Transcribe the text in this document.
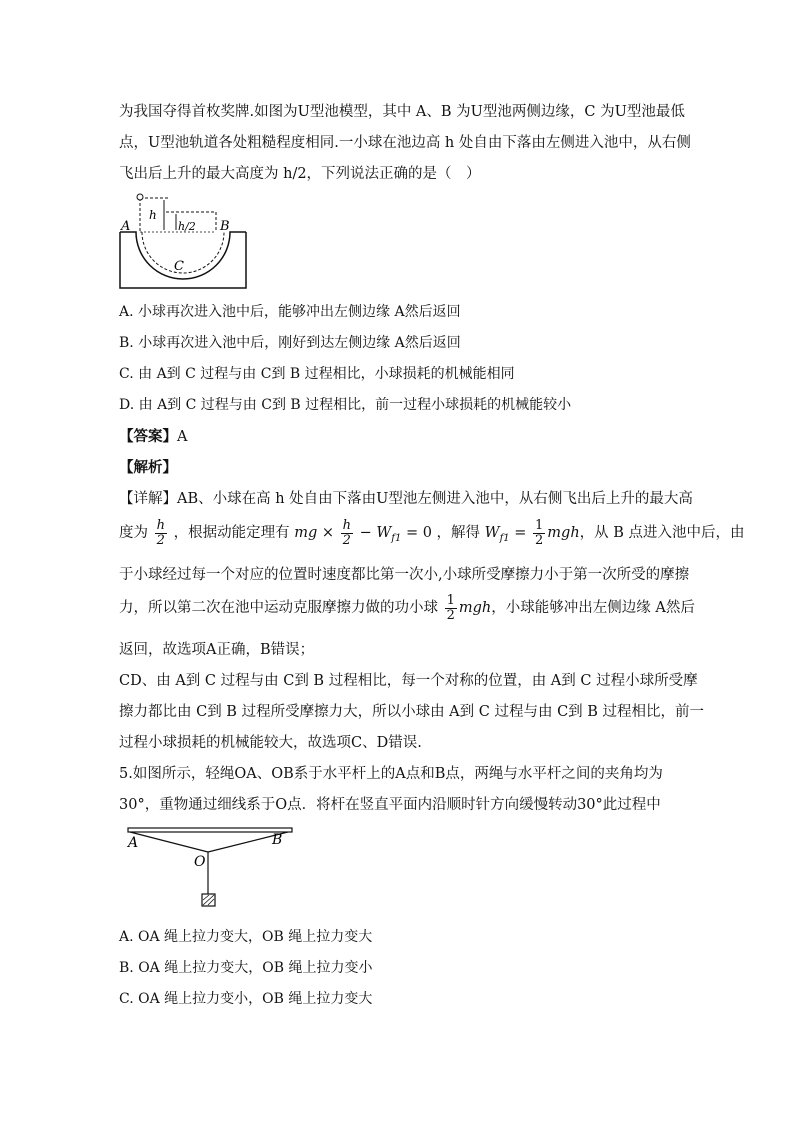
为我国夺得首枚奖牌.如图为U型池模型，其中 A、B 为U型池两侧边缘，C 为U型池最低
点，U型池轨道各处粗糙程度相同.一小球在池边高 h 处自由下落由左侧进入池中，从右侧
飞出后上升的最大高度为 h/2，下列说法正确的是（　）
h
h/2
A	B
C
A. 小球再次进入池中后，能够冲出左侧边缘 A然后返回
B. 小球再次进入池中后，刚好到达左侧边缘 A然后返回
C. 由 A到 C 过程与由 C到 B 过程相比，小球损耗的机械能相同
D. 由 A到 C 过程与由 C到 B 过程相比，前一过程小球损耗的机械能较小
【答案】A
【解析】
【详解】AB、小球在高 h 处自由下落由U型池左侧进入池中，从右侧飞出后上升的最大高
度为 $\frac{h}{2}$ ，根据动能定理有 mg × $\frac{h}{2} - W_{f1} = 0$ ，解得 $W_{f1} = \frac{1}{2}$ mgh，从 B 点进入池中后，由
于小球经过每一个对应的位置时速度都比第一次小,小球所受摩擦力小于第一次所受的摩擦
力，所以第二次在池中运动克服摩擦力做的功小球 $\frac{1}{2}$ mgh，小球能够冲出左侧边缘 A然后
返回，故选项A正确，B错误；
CD、由 A到 C 过程与由 C到 B 过程相比，每一个对称的位置，由 A到 C 过程小球所受摩
擦力都比由 C到 B 过程所受摩擦力大，所以小球由 A到 C 过程与由 C到 B 过程相比，前一
过程小球损耗的机械能较大，故选项C、D错误.
5.如图所示，轻绳OA、OB系于水平杆上的A点和B点，两绳与水平杆之间的夹角均为
30°，重物通过细线系于O点．将杆在竖直平面内沿顺时针方向缓慢转动30°此过程中
A	B
O
A. OA 绳上拉力变大，OB 绳上拉力变大
B. OA 绳上拉力变大，OB 绳上拉力变小
C. OA 绳上拉力变小，OB 绳上拉力变大
